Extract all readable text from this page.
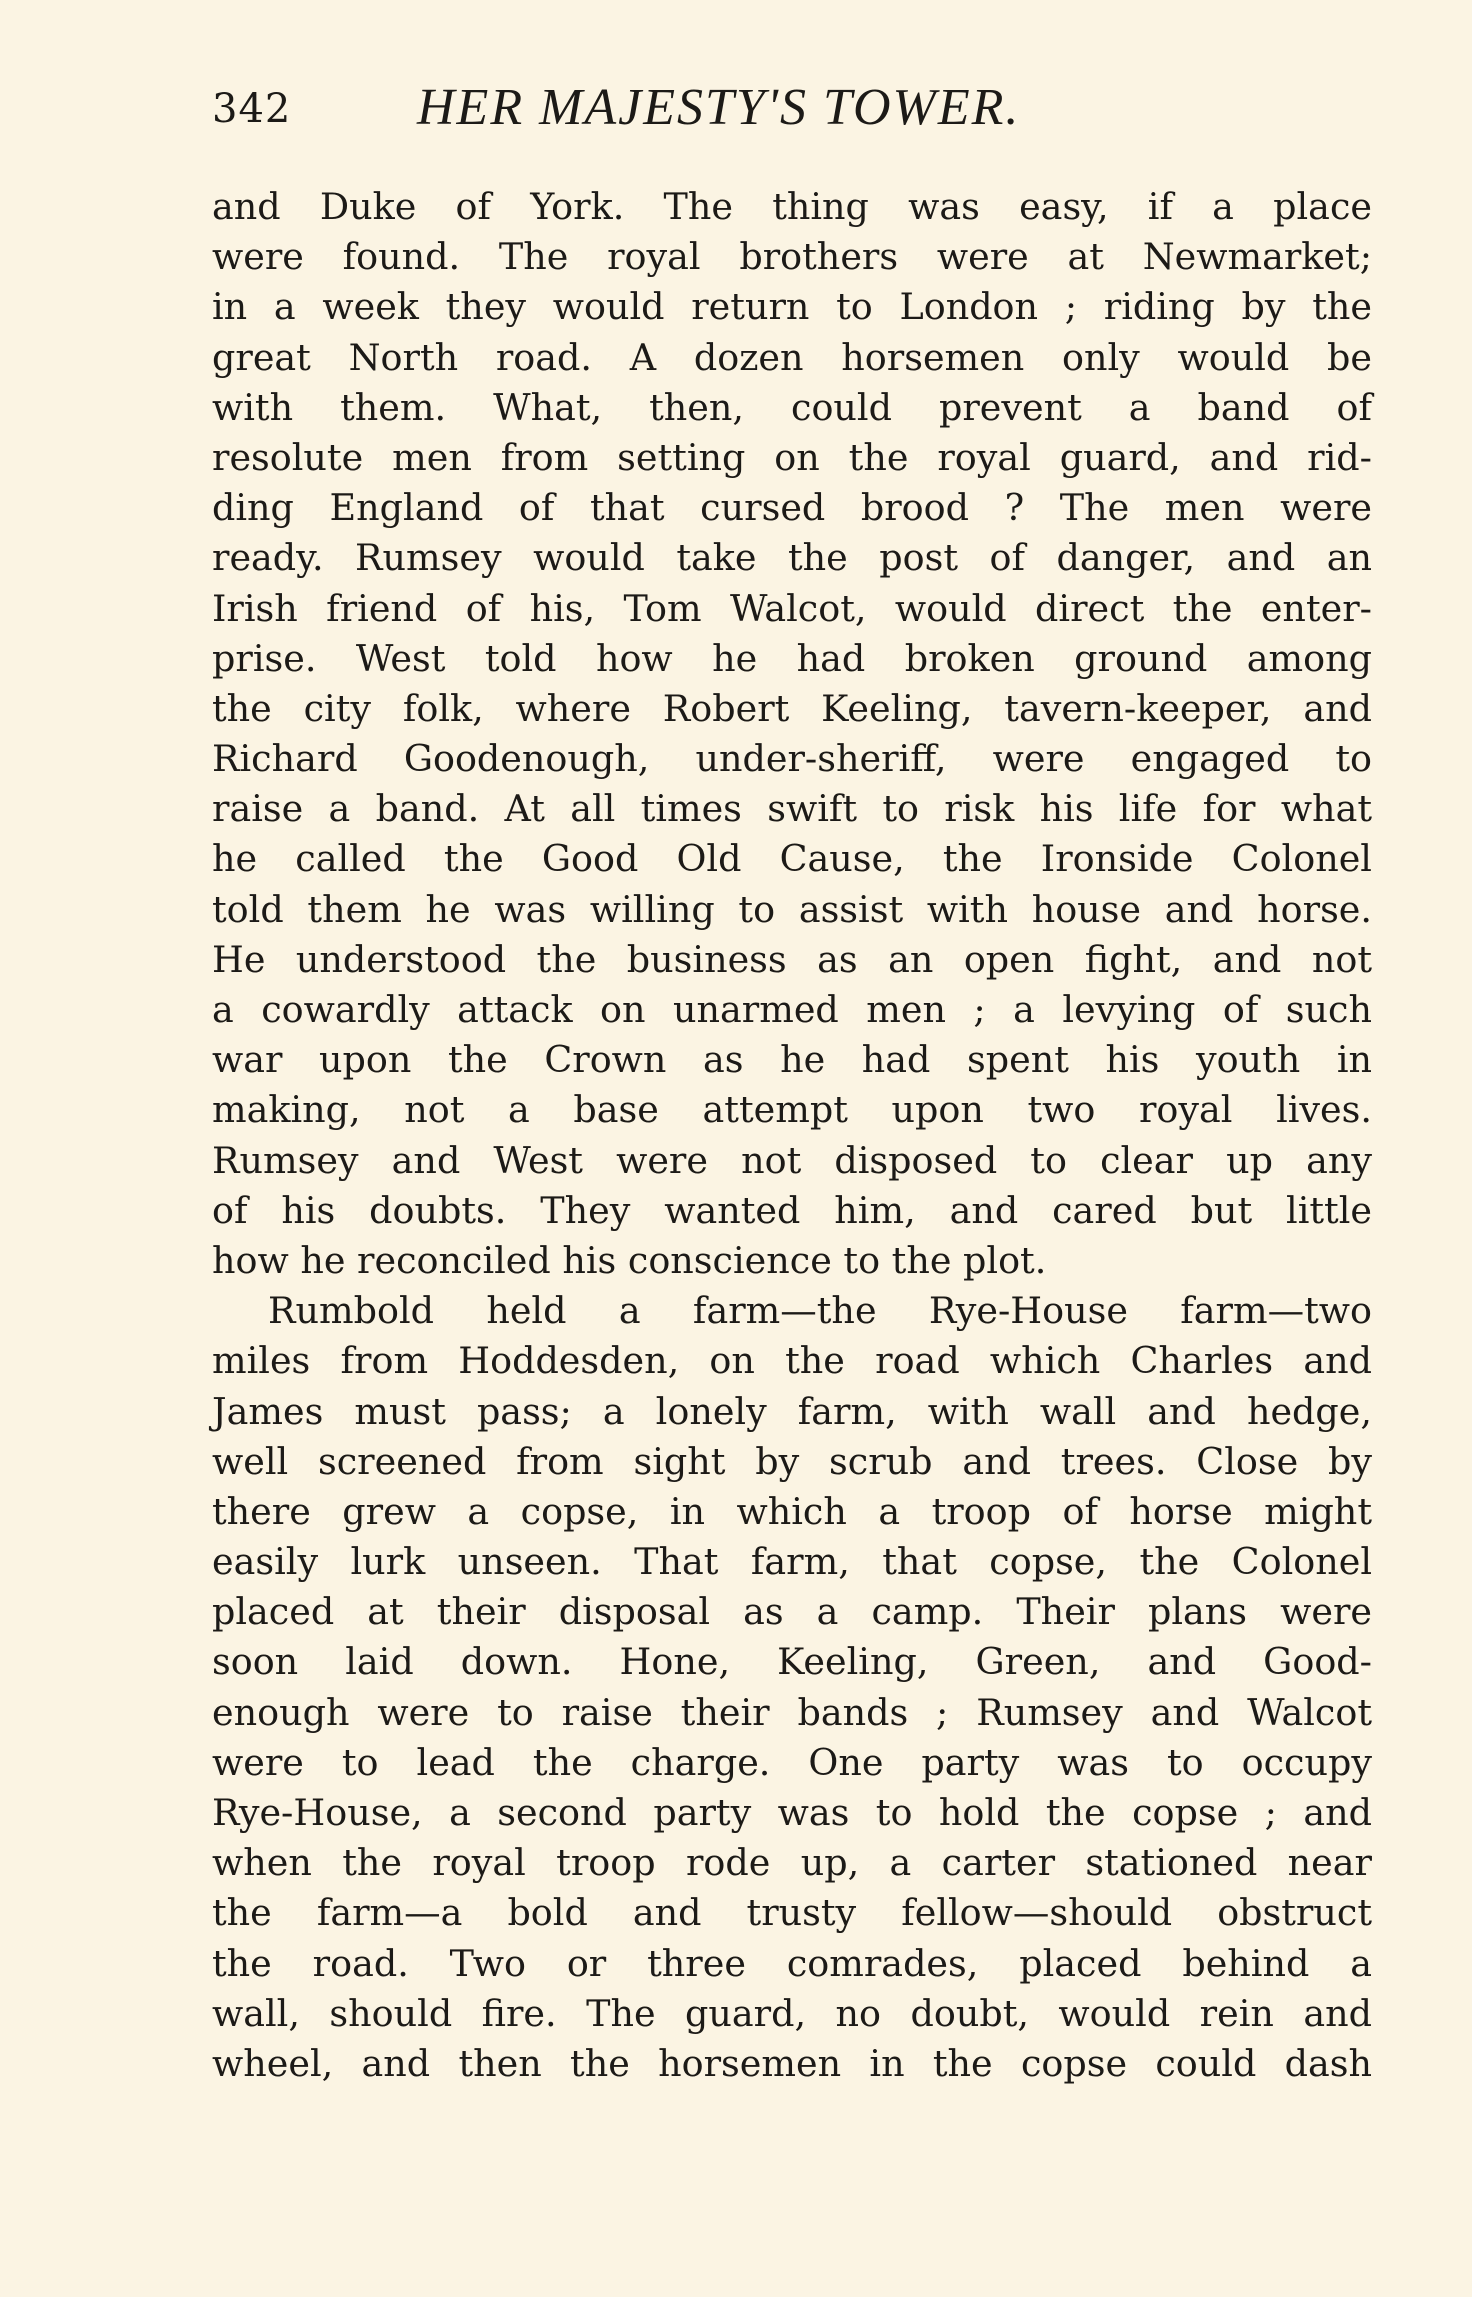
342 HER MAJESTY'S TOWER.
and Duke of York. The thing was easy, if a place
were found. The royal brothers were at Newmarket;
in a week they would return to London ; riding by the
great North road. A dozen horsemen only would be
with them. What, then, could prevent a band of
resolute men from setting on the royal guard, and rid-
ding England of that cursed brood ? The men were
ready. Rumsey would take the post of danger, and an
Irish friend of his, Tom Walcot, would direct the enter-
prise. West told how he had broken ground among
the city folk, where Robert Keeling, tavern-keeper, and
Richard Goodenough, under-sheriff, were engaged to
raise a band. At all times swift to risk his life for what
he called the Good Old Cause, the Ironside Colonel
told them he was willing to assist with house and horse.
He understood the business as an open fight, and not
a cowardly attack on unarmed men ; a levying of such
war upon the Crown as he had spent his youth in
making, not a base attempt upon two royal lives.
Rumsey and West were not disposed to clear up any
of his doubts. They wanted him, and cared but little
how he reconciled his conscience to the plot.
Rumbold held a farm—the Rye-House farm—two
miles from Hoddesden, on the road which Charles and
James must pass; a lonely farm, with wall and hedge,
well screened from sight by scrub and trees. Close by
there grew a copse, in which a troop of horse might
easily lurk unseen. That farm, that copse, the Colonel
placed at their disposal as a camp. Their plans were
soon laid down. Hone, Keeling, Green, and Good-
enough were to raise their bands ; Rumsey and Walcot
were to lead the charge. One party was to occupy
Rye-House, a second party was to hold the copse ; and
when the royal troop rode up, a carter stationed near
the farm—a bold and trusty fellow—should obstruct
the road. Two or three comrades, placed behind a
wall, should fire. The guard, no doubt, would rein and
wheel, and then the horsemen in the copse could dash
